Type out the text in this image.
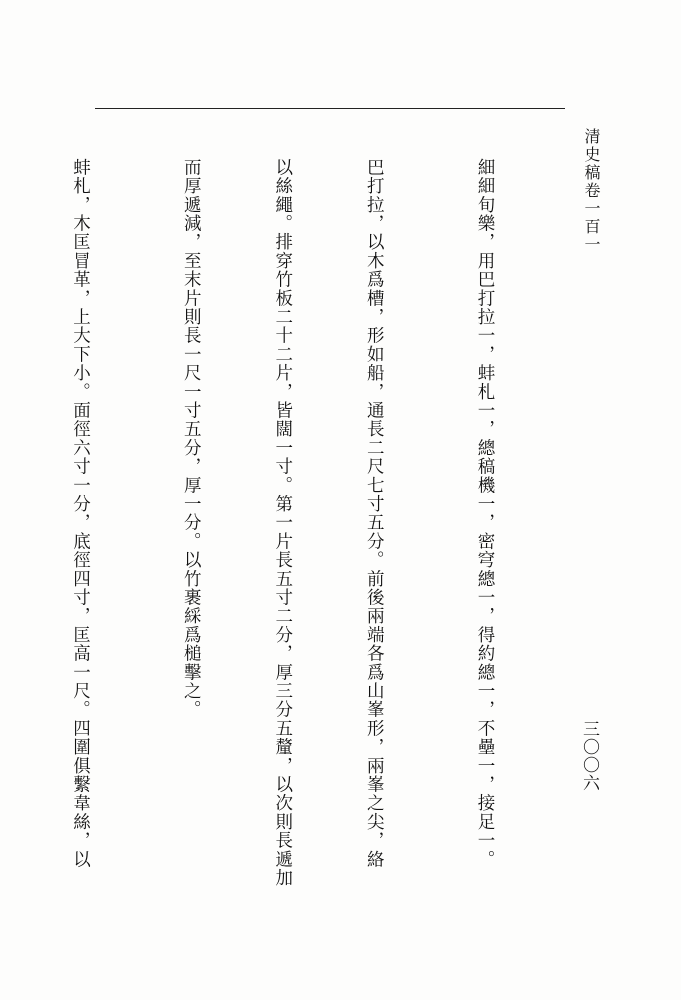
清史稿卷一百一
三〇〇六

細細旬樂，用巴打拉一，蚌札一，總稿機一，密穹總一，得約總一，不壘一，接足一。

巴打拉，以木爲槽，形如船，通長二尺七寸五分。前後兩端各爲山峯形，兩峯之尖，絡

以絲繩。排穿竹板二十二片，皆闊一寸。第一片長五寸二分，厚三分五釐，以次則長遞加

而厚遞減，至末片則長一尺一寸五分，厚一分。以竹裹綵爲槌擊之。

蚌札，木匡冒革，上大下小。面徑六寸一分，底徑四寸，匡高一尺。四圍俱繫韋絲，以
